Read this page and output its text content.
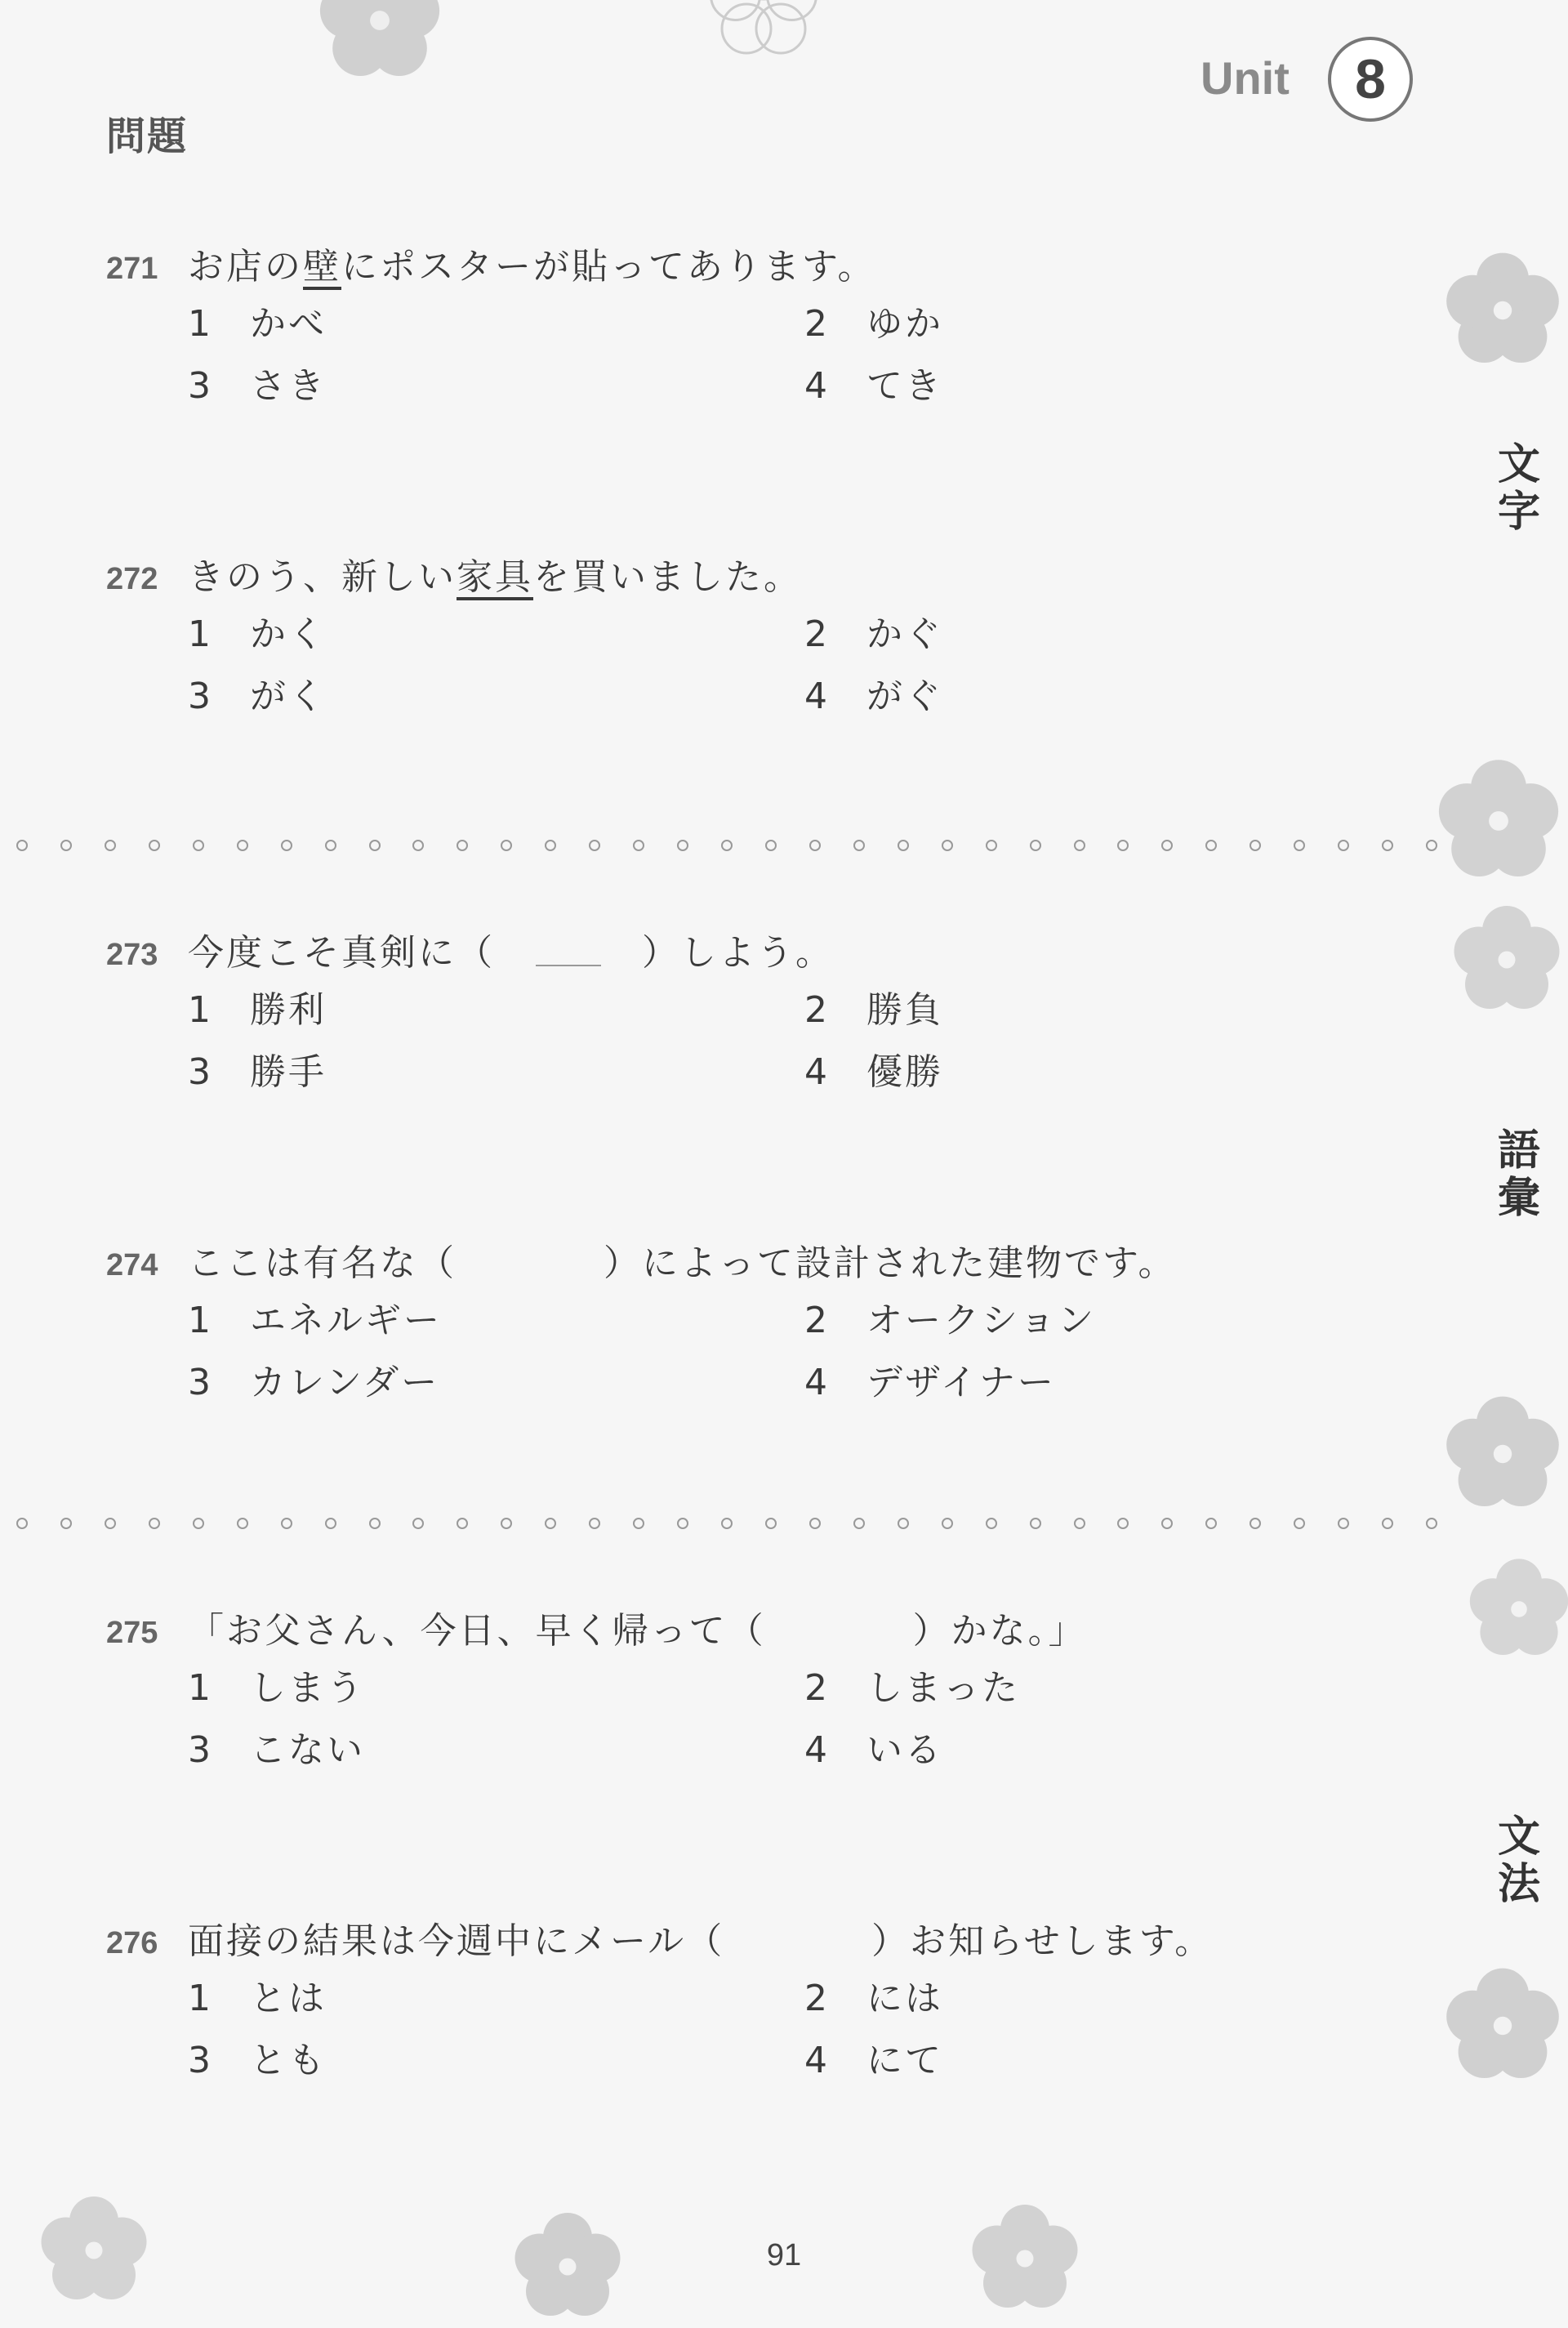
問題
Unit	8
文
字
語
彙
文
法
271 お店の壁にポスターが貼ってあります。
1 かべ	2 ゆか
3 さき	4 てき
272 きのう、新しい家具を買いました。
1 かく	2 かぐ
3 がく	4 がぐ
273 今度こそ真剣に（	）しよう。
1 勝利	2 勝負
3 勝手	4 優勝
274 ここは有名な（	）によって設計された建物です。
1 エネルギー	2 オークション
3 カレンダー	4 デザイナー
275 「お父さん、今日、早く帰って（	）かな。」
1 しまう	2 しまった
3 こない	4 いる
276 面接の結果は今週中にメール（	）お知らせします。
1 とは	2 には
3 とも	4 にて
91
